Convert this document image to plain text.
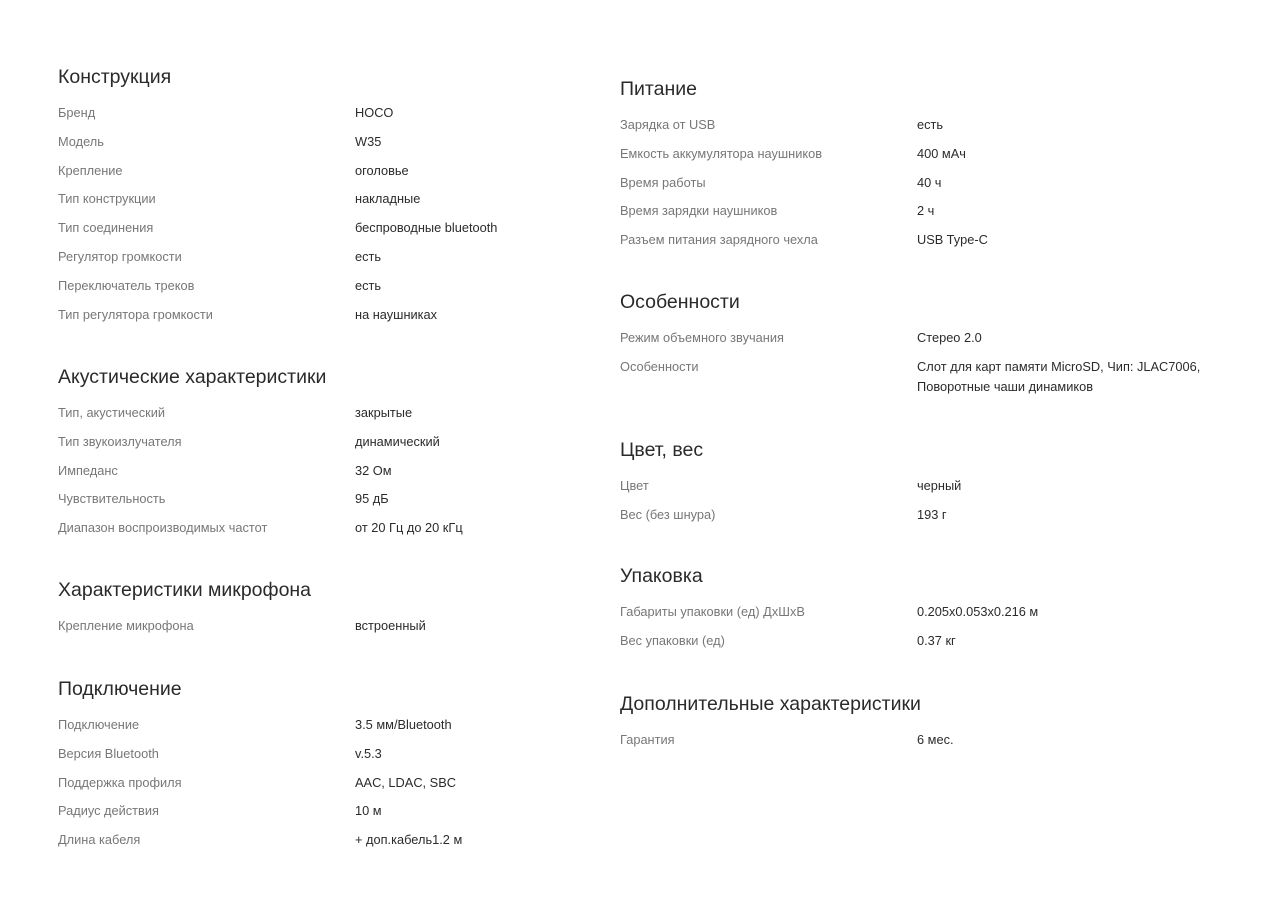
Конструкция
Бренд	HOCO
Модель	W35
Крепление	оголовье
Тип конструкции	накладные
Тип соединения	беспроводные bluetooth
Регулятор громкости	есть
Переключатель треков	есть
Тип регулятора громкости	на наушниках
Акустические характеристики
Тип, акустический	закрытые
Тип звукоизлучателя	динамический
Импеданс	32 Ом
Чувствительность	95 дБ
Диапазон воспроизводимых частот	от 20 Гц до 20 кГц
Характеристики микрофона
Крепление микрофона	встроенный
Подключение
Подключение	3.5 мм/Bluetooth
Версия Bluetooth	v.5.3
Поддержка профиля	AAC, LDAC, SBC
Радиус действия	10 м
Длина кабеля	+ доп.кабель1.2 м
Питание
Зарядка от USB	есть
Емкость аккумулятора наушников	400 мАч
Время работы	40 ч
Время зарядки наушников	2 ч
Разъем питания зарядного чехла	USB Type-C
Особенности
Режим объемного звучания	Стерео 2.0
Особенности	Слот для карт памяти MicroSD, Чип: JLAC7006, Поворотные чаши динамиков
Цвет, вес
Цвет	черный
Вес (без шнура)	193 г
Упаковка
Габариты упаковки (ед) ДхШхВ	0.205x0.053x0.216 м
Вес упаковки (ед)	0.37 кг
Дополнительные характеристики
Гарантия	6 мес.
